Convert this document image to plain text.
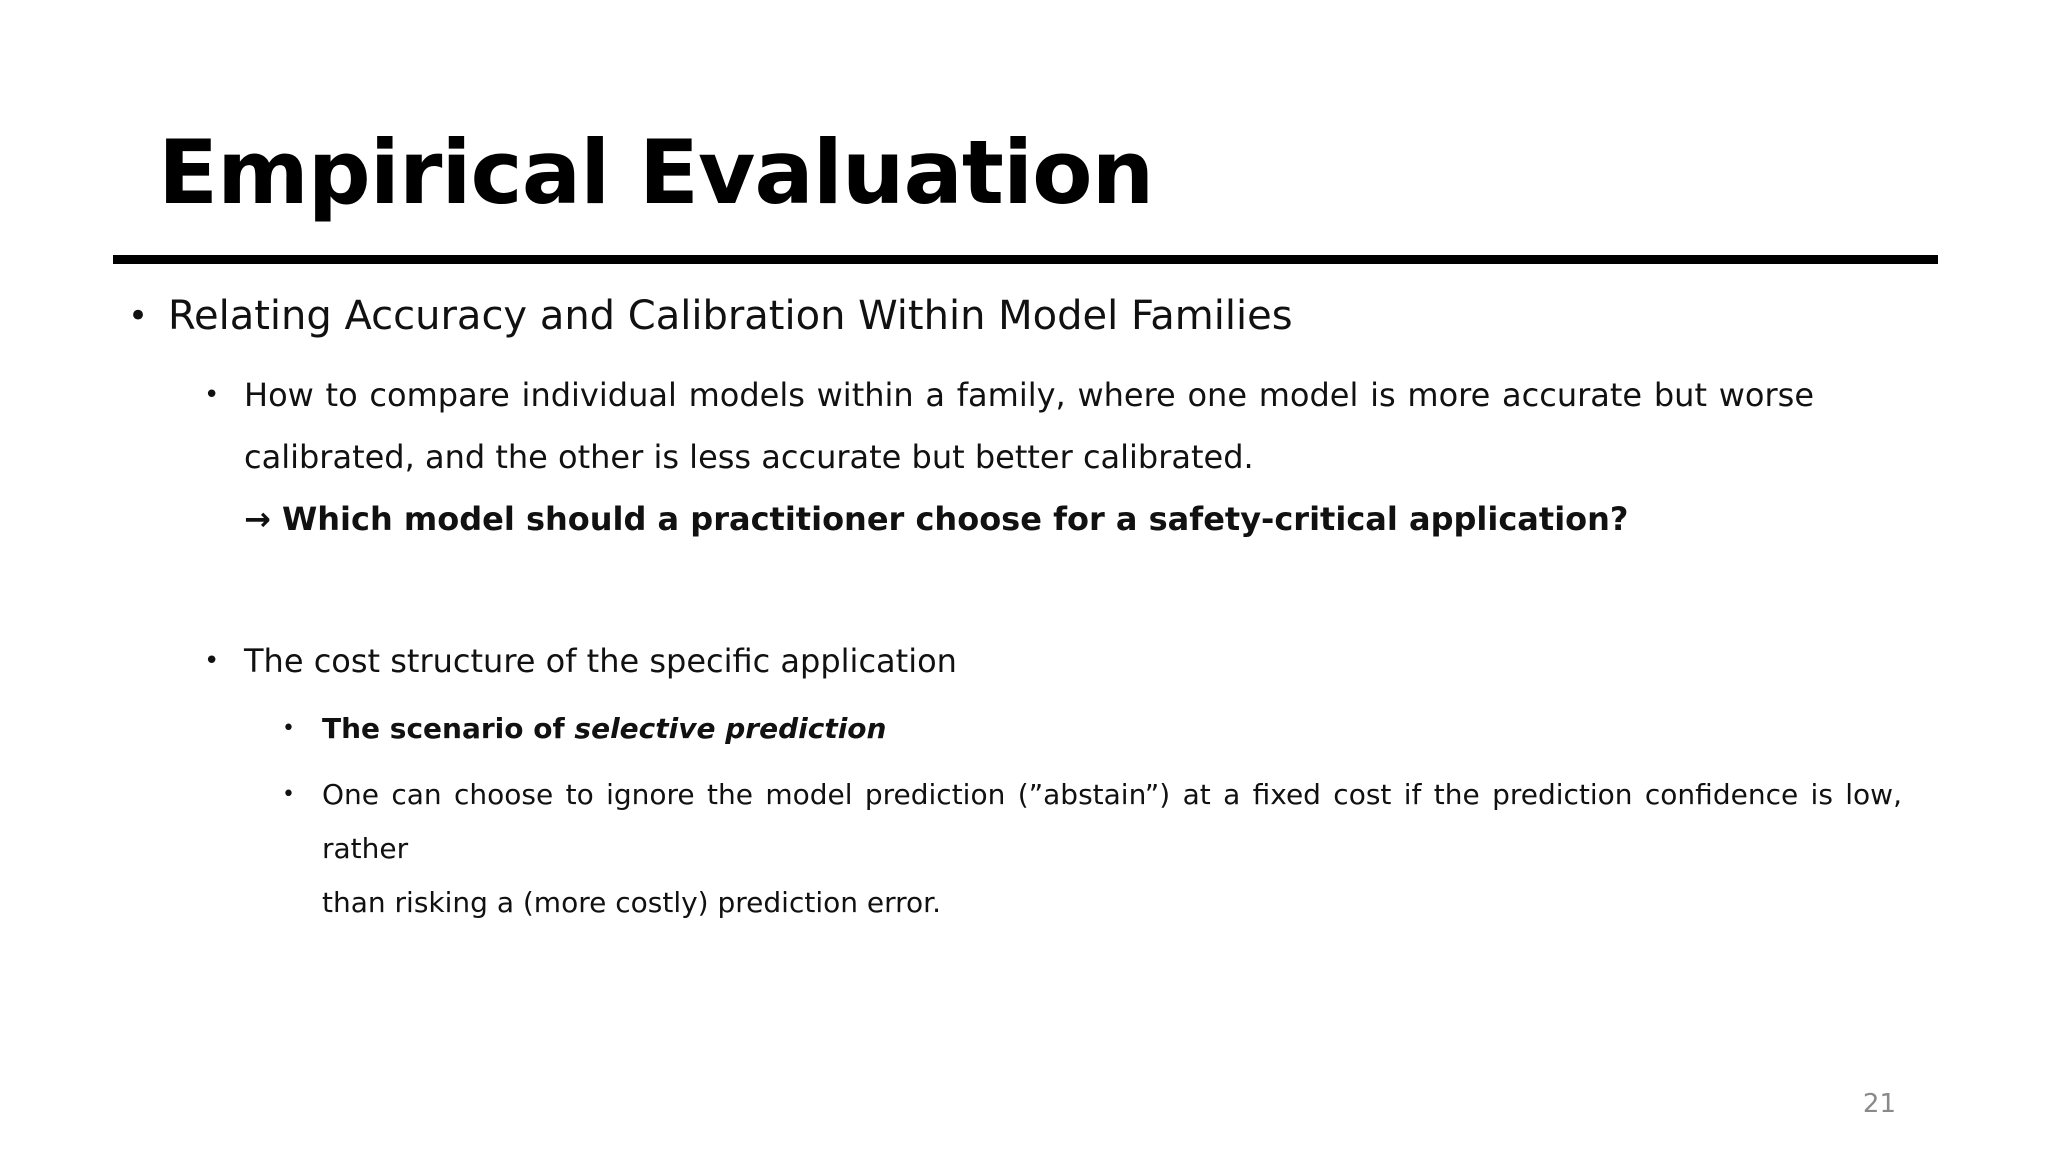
Empirical Evaluation
• Relating Accuracy and Calibration Within Model Families
• How to compare individual models within a family, where one model is more accurate but worse
calibrated, and the other is less accurate but better calibrated.
→ Which model should a practitioner choose for a safety-critical application?
• The cost structure of the specific application
• The scenario of selective prediction
• One can choose to ignore the model prediction (”abstain”) at a fixed cost if the prediction confidence is low, rather
than risking a (more costly) prediction error.
21
